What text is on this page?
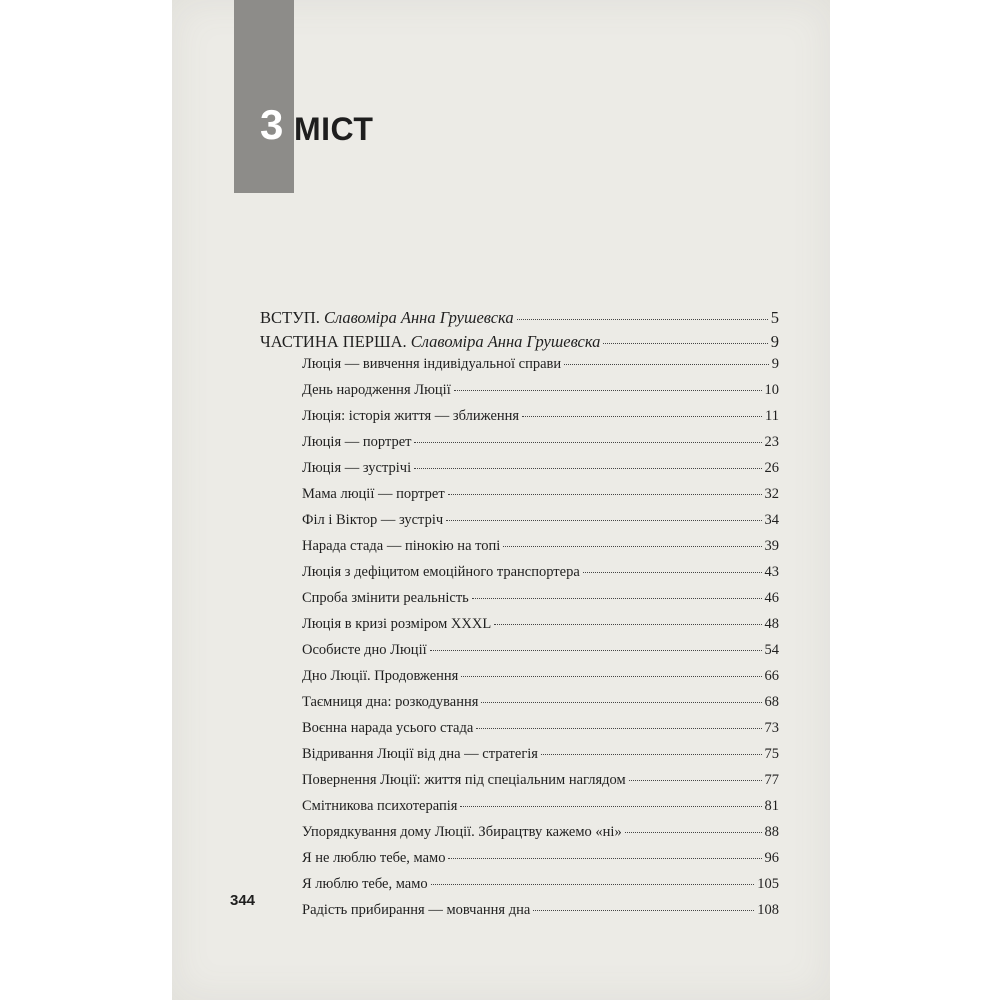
3 МІСТ
ВСТУП. Славоміра Анна Грушевска	5
ЧАСТИНА ПЕРША. Славоміра Анна Грушевска	9
Люція — вивчення індивідуальної справи	9
День народження Люції	10
Люція: історія життя — зближення	11
Люція — портрет	23
Люція — зустрічі	26
Мама люції — портрет	32
Філ і Віктор — зустріч	34
Нарада стада — пінокію на топі	39
Люція з дефіцитом емоційного транспортера	43
Спроба змінити реальність	46
Люція в кризі розміром XXXL	48
Особисте дно Люції	54
Дно Люції. Продовження	66
Таємниця дна: розкодування	68
Воєнна нарада усього стада	73
Відривання Люції від дна — стратегія	75
Повернення Люції: життя під спеціальним наглядом	77
Смітникова психотерапія	81
Упорядкування дому Люції. Збирацтву кажемо «ні»	88
Я не люблю тебе, мамо	96
Я люблю тебе, мамо	105
Радість прибирання — мовчання дна	108
344
